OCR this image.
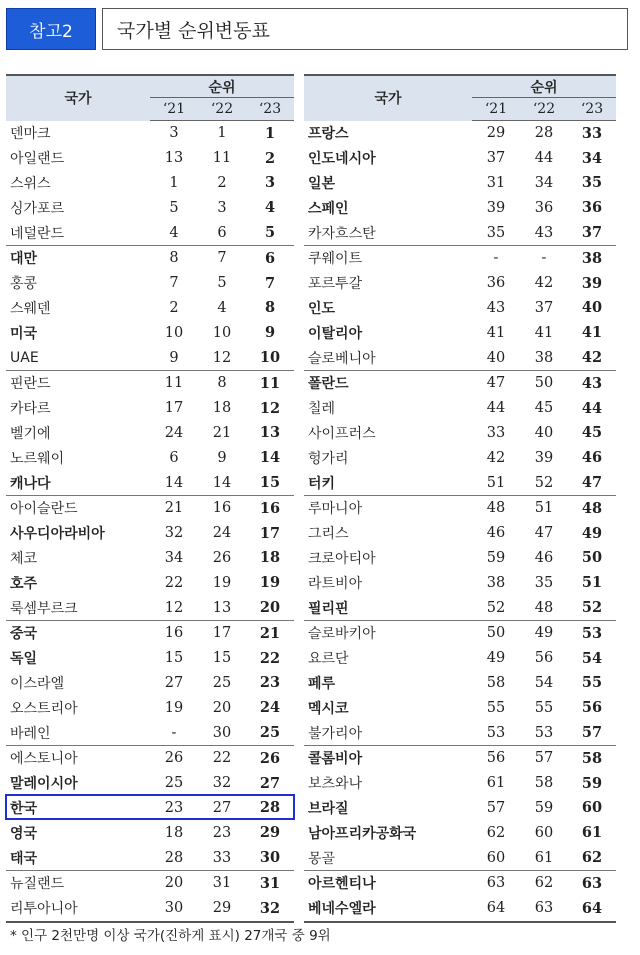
참고2	국가별 순위변동표
국가	순위		
	‘21	‘22	‘23
덴마크	3	1	1
아일랜드	13	11	2
스위스	1	2	3
싱가포르	5	3	4
네덜란드	4	6	5
대만	8	7	6
홍콩	7	5	7
스웨덴	2	4	8
미국	10	10	9
UAE	9	12	10
핀란드	11	8	11
카타르	17	18	12
벨기에	24	21	13
노르웨이	6	9	14
캐나다	14	14	15
아이슬란드	21	16	16
사우디아라비아	32	24	17
체코	34	26	18
호주	22	19	19
룩셈부르크	12	13	20
중국	16	17	21
독일	15	15	22
이스라엘	27	25	23
오스트리아	19	20	24
바레인	-	30	25
에스토니아	26	22	26
말레이시아	25	32	27
한국	23	27	28
영국	18	23	29
태국	28	33	30
뉴질랜드	20	31	31
리투아니아	30	29	32
국가	순위		
	‘21	‘22	‘23
프랑스	29	28	33
인도네시아	37	44	34
일본	31	34	35
스페인	39	36	36
카자흐스탄	35	43	37
쿠웨이트	-	-	38
포르투갈	36	42	39
인도	43	37	40
이탈리아	41	41	41
슬로베니아	40	38	42
폴란드	47	50	43
칠레	44	45	44
사이프러스	33	40	45
헝가리	42	39	46
터키	51	52	47
루마니아	48	51	48
그리스	46	47	49
크로아티아	59	46	50
라트비아	38	35	51
필리핀	52	48	52
슬로바키아	50	49	53
요르단	49	56	54
페루	58	54	55
멕시코	55	55	56
불가리아	53	53	57
콜롬비아	56	57	58
보츠와나	61	58	59
브라질	57	59	60
남아프리카공화국	62	60	61
몽골	60	61	62
아르헨티나	63	62	63
베네수엘라	64	63	64
* 인구 2천만명 이상 국가(진하게 표시) 27개국 중 9위
